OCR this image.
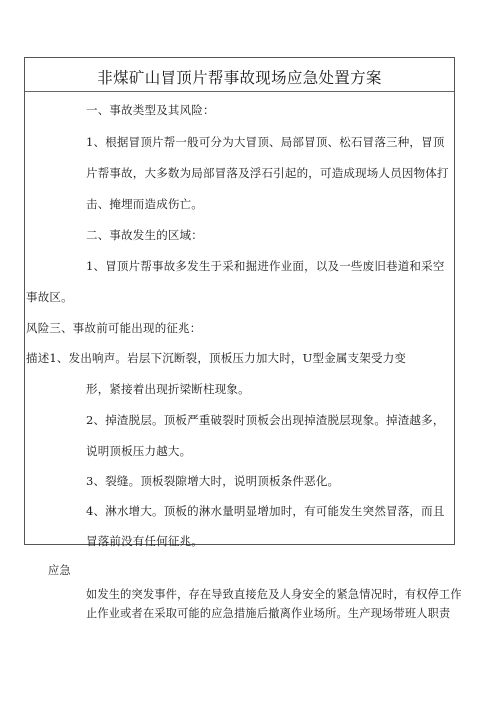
非煤矿山冒顶片帮事故现场应急处置方案
一、事故类型及其风险：
1、根据冒顶片帮一般可分为大冒顶、局部冒顶、松石冒落三种，冒顶
片帮事故，大多数为局部冒落及浮石引起的，可造成现场人员因物体打
击、掩埋而造成伤亡。
二、事故发生的区域：
1、冒顶片帮事故多发生于采和掘进作业面，以及一些废旧巷道和采空
事故区。
风险三、事故前可能出现的征兆：
描述1、发出响声。岩层下沉断裂，顶板压力加大时，U型金属支架受力变
形，紧接着出现折梁断柱现象。
2、掉渣脱层。顶板严重破裂时顶板会出现掉渣脱层现象。掉渣越多，
说明顶板压力越大。
3、裂缝。顶板裂隙增大时，说明顶板条件恶化。
4、淋水增大。顶板的淋水量明显增加时，有可能发生突然冒落，而且
冒落前没有任何征兆。
应急
如发生的突发事件，存在导致直接危及人身安全的紧急情况时，有权停工作
止作业或者在采取可能的应急措施后撤离作业场所。生产现场带班人职责
